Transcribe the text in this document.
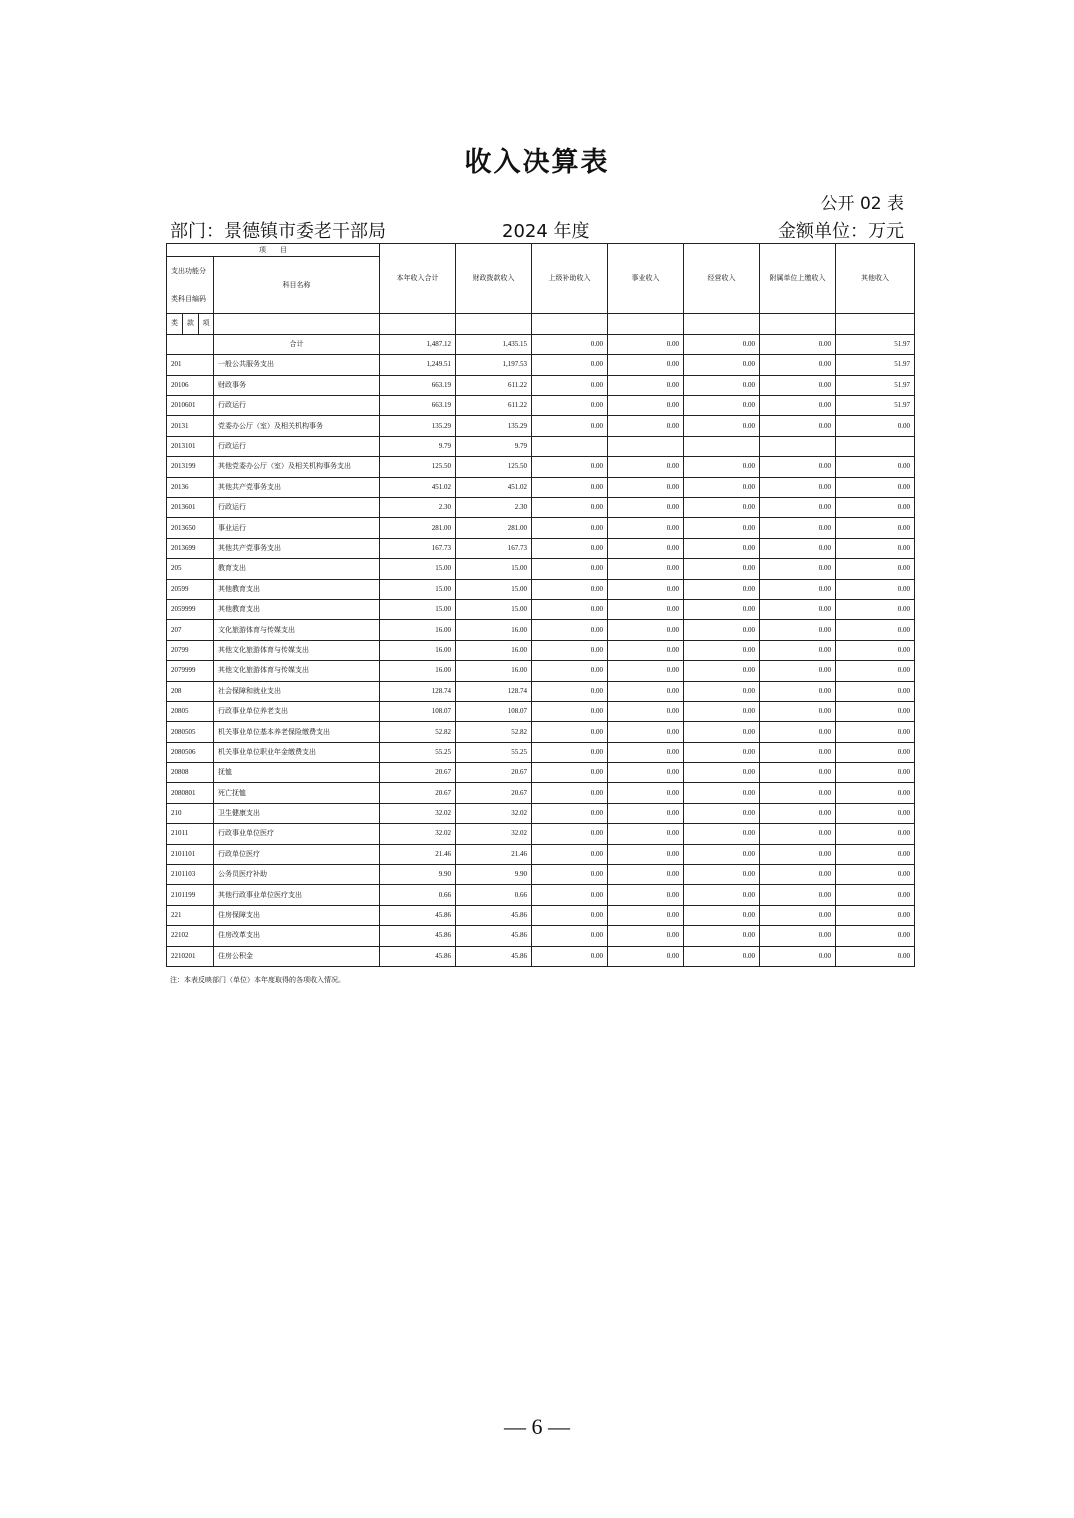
收入决算表
公开 02 表
部门：景德镇市委老干部局	2024 年度	金额单位：万元
项　　目				本年收入合计	财政拨款收入	上级补助收入	事业收入	经营收入	附属单位上缴收入	其他收入	

支出功能分
类科目编码			科目名称								
类	款	项									

			合计	1,487.12	1,435.15	0.00	0.00	0.00	0.00	51.97	
201			一般公共服务支出	1,249.51	1,197.53	0.00	0.00	0.00	0.00	51.97	
20106			财政事务	663.19	611.22	0.00	0.00	0.00	0.00	51.97	
2010601			行政运行	663.19	611.22	0.00	0.00	0.00	0.00	51.97	
20131			党委办公厅（室）及相关机构事务	135.29	135.29	0.00	0.00	0.00	0.00	0.00	
2013101			行政运行	9.79	9.79						
2013199			其他党委办公厅（室）及相关机构事务支出	125.50	125.50	0.00	0.00	0.00	0.00	0.00	
20136			其他共产党事务支出	451.02	451.02	0.00	0.00	0.00	0.00	0.00	
2013601			行政运行	2.30	2.30	0.00	0.00	0.00	0.00	0.00	
2013650			事业运行	281.00	281.00	0.00	0.00	0.00	0.00	0.00	
2013699			其他共产党事务支出	167.73	167.73	0.00	0.00	0.00	0.00	0.00	
205			教育支出	15.00	15.00	0.00	0.00	0.00	0.00	0.00	
20599			其他教育支出	15.00	15.00	0.00	0.00	0.00	0.00	0.00	
2059999			其他教育支出	15.00	15.00	0.00	0.00	0.00	0.00	0.00	
207			文化旅游体育与传媒支出	16.00	16.00	0.00	0.00	0.00	0.00	0.00	
20799			其他文化旅游体育与传媒支出	16.00	16.00	0.00	0.00	0.00	0.00	0.00	
2079999			其他文化旅游体育与传媒支出	16.00	16.00	0.00	0.00	0.00	0.00	0.00	
208			社会保障和就业支出	128.74	128.74	0.00	0.00	0.00	0.00	0.00	
20805			行政事业单位养老支出	108.07	108.07	0.00	0.00	0.00	0.00	0.00	
2080505			机关事业单位基本养老保险缴费支出	52.82	52.82	0.00	0.00	0.00	0.00	0.00	
2080506			机关事业单位职业年金缴费支出	55.25	55.25	0.00	0.00	0.00	0.00	0.00	
20808			抚恤	20.67	20.67	0.00	0.00	0.00	0.00	0.00	
2080801			死亡抚恤	20.67	20.67	0.00	0.00	0.00	0.00	0.00	
210			卫生健康支出	32.02	32.02	0.00	0.00	0.00	0.00	0.00	
21011			行政事业单位医疗	32.02	32.02	0.00	0.00	0.00	0.00	0.00	
2101101			行政单位医疗	21.46	21.46	0.00	0.00	0.00	0.00	0.00	
2101103			公务员医疗补助	9.90	9.90	0.00	0.00	0.00	0.00	0.00	
2101199			其他行政事业单位医疗支出	0.66	0.66	0.00	0.00	0.00	0.00	0.00	
221			住房保障支出	45.86	45.86	0.00	0.00	0.00	0.00	0.00	
22102			住房改革支出	45.86	45.86	0.00	0.00	0.00	0.00	0.00	
2210201			住房公积金	45.86	45.86	0.00	0.00	0.00	0.00	0.00	
注：本表反映部门（单位）本年度取得的各项收入情况。
— 6 —
